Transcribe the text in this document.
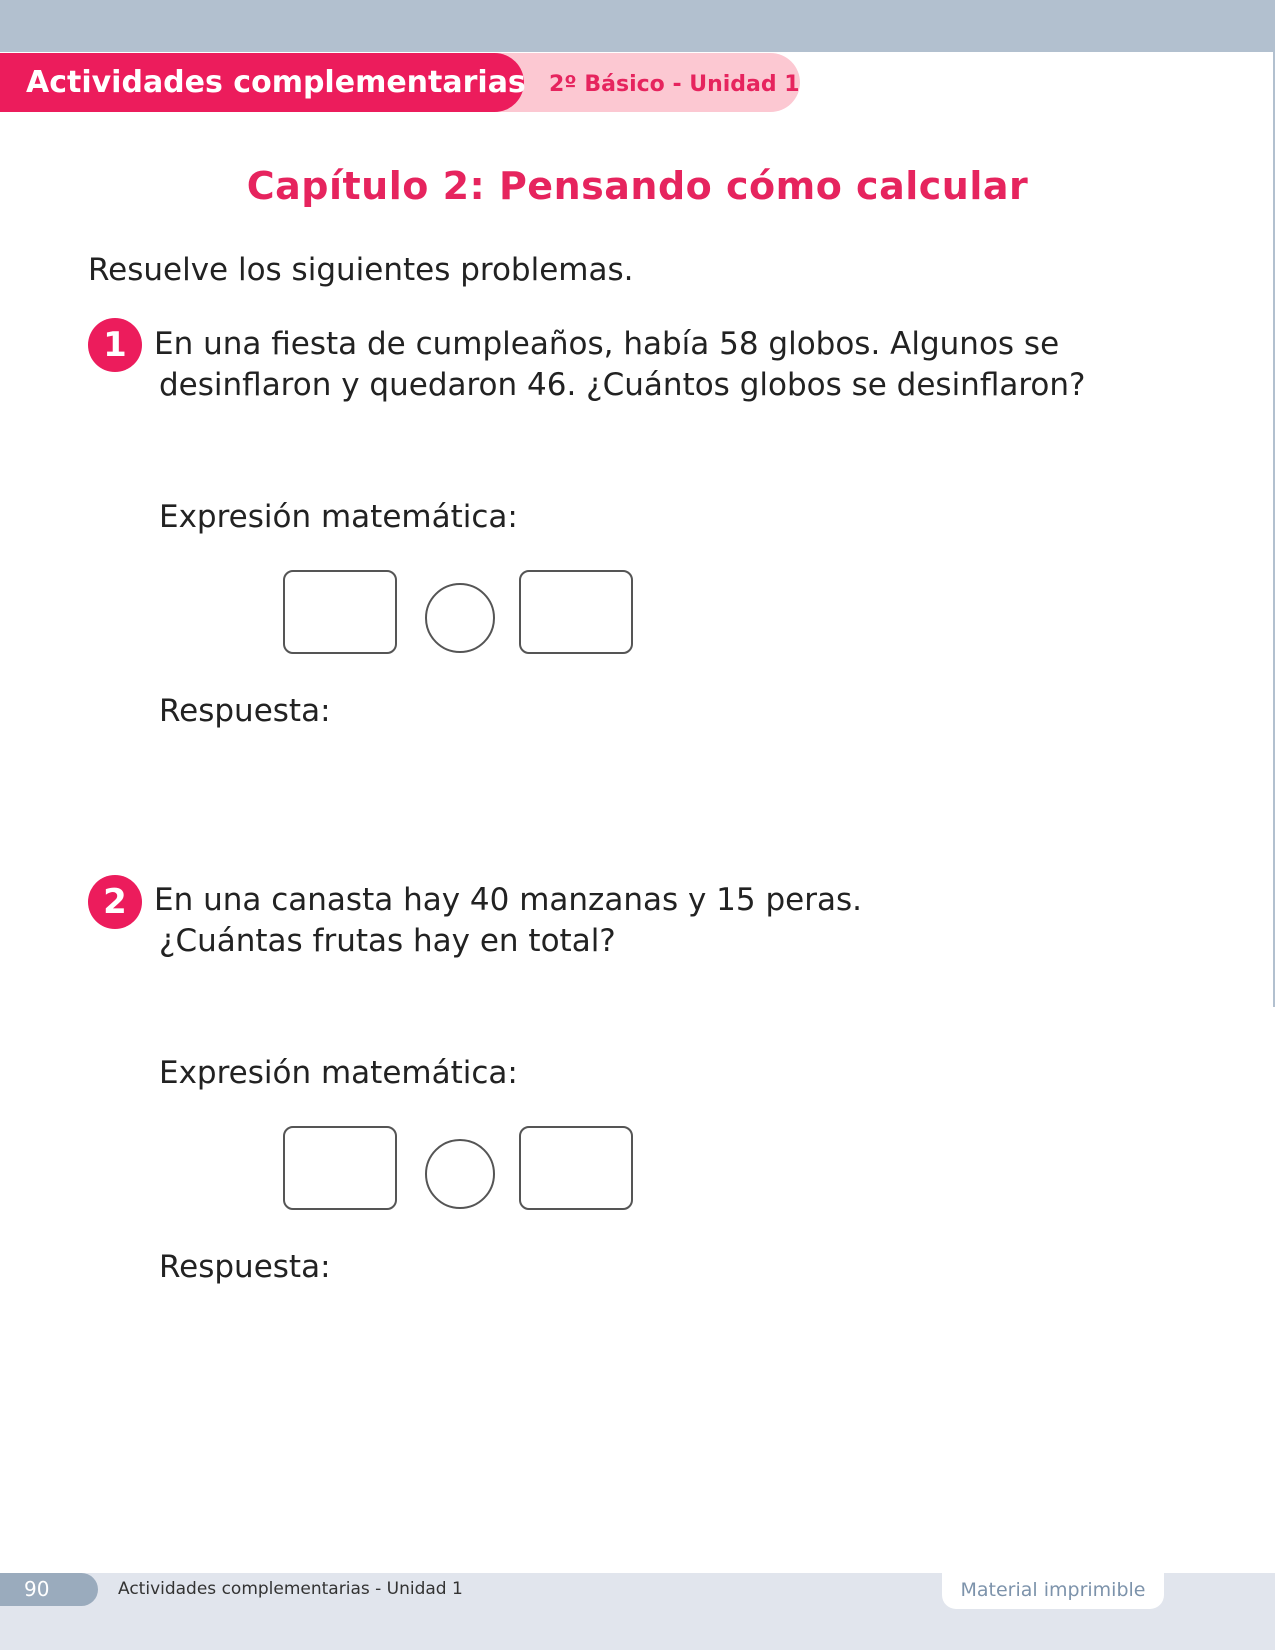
Actividades complementarias 2º Básico - Unidad 1
Capítulo 2: Pensando cómo calcular
Resuelve los siguientes problemas.
1 En una fiesta de cumpleaños, había 58 globos. Algunos se
desinflaron y quedaron 46. ¿Cuántos globos se desinflaron?
Expresión matemática:
Respuesta:
2 En una canasta hay 40 manzanas y 15 peras.
¿Cuántas frutas hay en total?
Expresión matemática:
Respuesta:
90	Actividades complementarias - Unidad 1	Material imprimible
